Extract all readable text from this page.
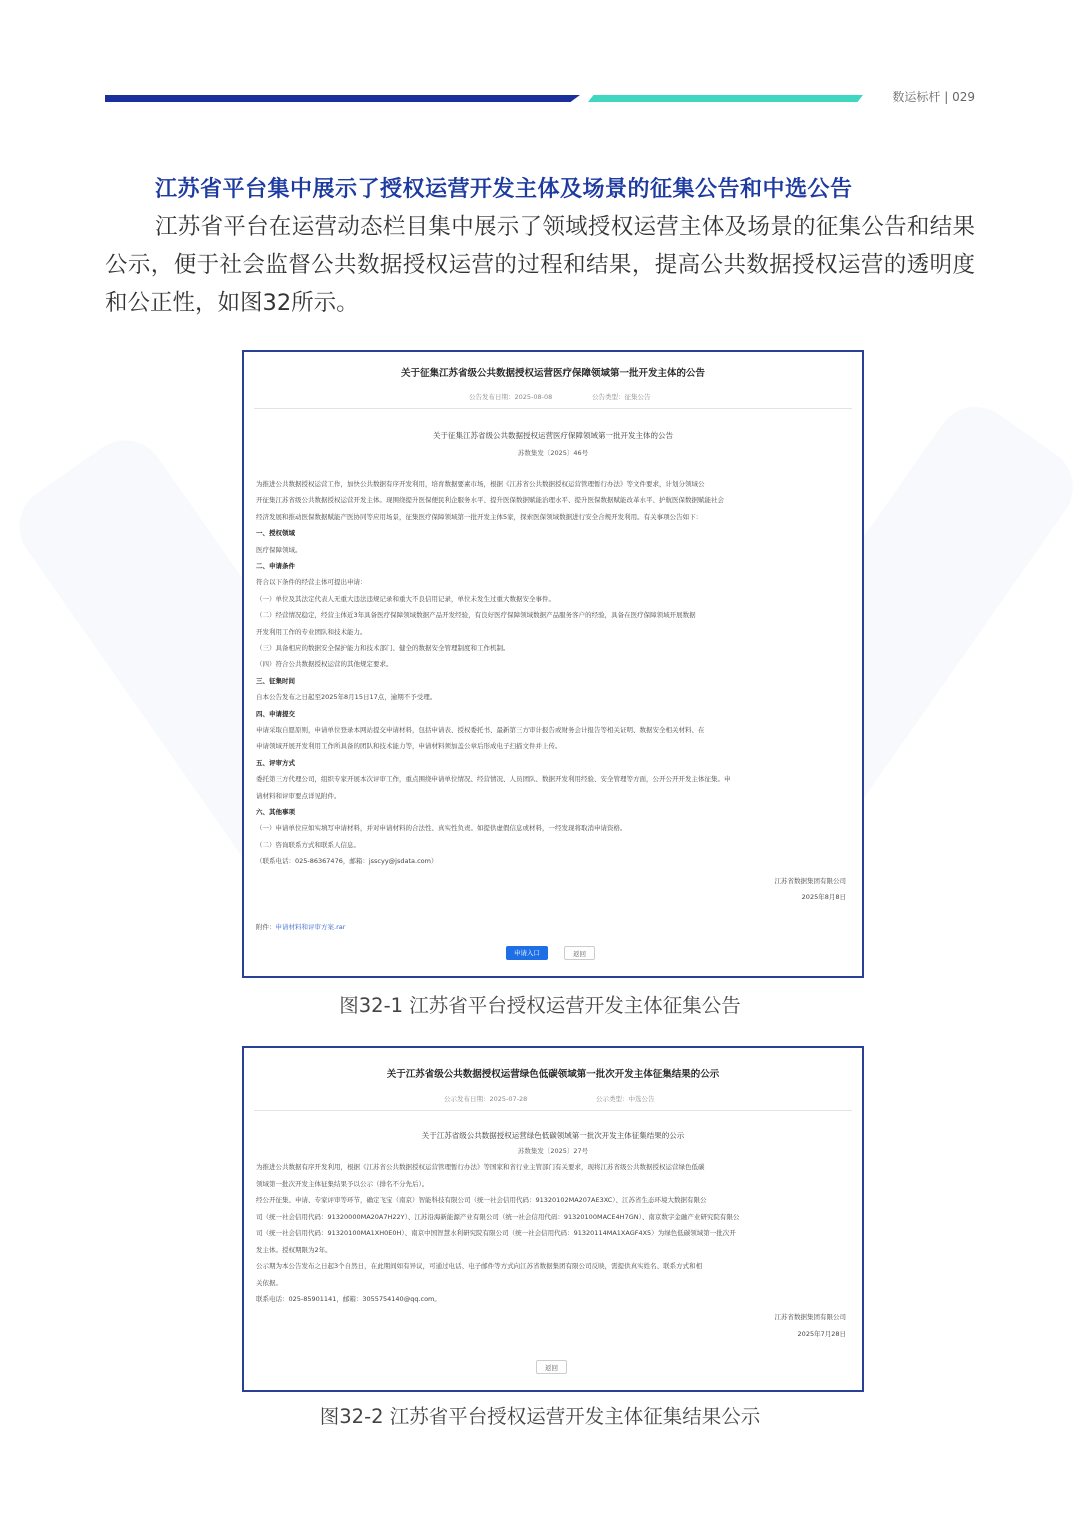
数运标杆 | 029
江苏省平台集中展示了授权运营开发主体及场景的征集公告和中选公告

江苏省平台在运营动态栏目集中展示了领域授权运营主体及场景的征集公告和结果公示，便于社会监督公共数据授权运营的过程和结果，提高公共数据授权运营的透明度和公正性，如图32所示。

关于征集江苏省级公共数据授权运营医疗保障领域第一批开发主体的公告
公告发布日期：2025-08-08	公告类型：征集公告
关于征集江苏省级公共数据授权运营医疗保障领域第一批开发主体的公告
苏数集发〔2025〕46号
为推进公共数据授权运营工作，加快公共数据有序开发利用，培育数据要素市场，根据《江苏省公共数据授权运营管理暂行办法》等文件要求，计划分领域公
开征集江苏省级公共数据授权运营开发主体。现围绕提升医保便民利企服务水平、提升医保数据赋能治理水平、提升医保数据赋能改革水平、护航医保数据赋能社会
经济发展和推动医保数据赋能产医协同等应用场景，征集医疗保障领域第一批开发主体5家，探索医保领域数据进行安全合规开发利用。有关事项公告如下：
一、授权领域
医疗保障领域。
二、申请条件
符合以下条件的经营主体可提出申请：
（一）单位及其法定代表人无重大违法违规记录和重大不良信用记录，单位未发生过重大数据安全事件。
（二）经营情况稳定，经营主体近3年具备医疗保障领域数据产品开发经验，有良好医疗保障领域数据产品服务客户的经验，具备在医疗保障领域开展数据
开发利用工作的专业团队和技术能力。
（三）具备相应的数据安全保护能力和技术部门、健全的数据安全管理制度和工作机制。
（四）符合公共数据授权运营的其他规定要求。
三、征集时间
自本公告发布之日起至2025年8月15日17点，逾期不予受理。
四、申请提交
申请采取自愿原则，申请单位登录本网站提交申请材料，包括申请表、授权委托书、最新第三方审计报告或财务会计报告等相关证明、数据安全相关材料、在
申请领域开展开发利用工作所具备的团队和技术能力等，申请材料须加盖公章后形成电子扫描文件并上传。
五、评审方式
委托第三方代理公司，组织专家开展本次评审工作，重点围绕申请单位情况、经营情况、人员团队、数据开发利用经验、安全管理等方面，公开公开开发主体征集。申
请材料和评审要点详见附件。
六、其他事项
（一）申请单位应如实填写申请材料，并对申请材料的合法性、真实性负责。如提供虚假信息或材料，一经发现将取消申请资格。
（二）咨询联系方式和联系人信息。
（联系电话：025-86367476，邮箱：jsscyy@jsdata.com）
江苏省数据集团有限公司
2025年8月8日
附件：申请材料和评审方案.rar
申请入口	返回
图32-1 江苏省平台授权运营开发主体征集公告
关于江苏省级公共数据授权运营绿色低碳领域第一批次开发主体征集结果的公示
公示发布日期：2025-07-28	公示类型：中选公告
关于江苏省级公共数据授权运营绿色低碳领域第一批次开发主体征集结果的公示
苏数集发〔2025〕27号
为推进公共数据有序开发利用，根据《江苏省公共数据授权运营管理暂行办法》等国家和省行业主管部门有关要求，现将江苏省级公共数据授权运营绿色低碳
领域第一批次开发主体征集结果予以公示（排名不分先后）。
经公开征集、申请、专家评审等环节，确定飞宝（南京）智能科技有限公司（统一社会信用代码：91320102MA207AE3XC）、江苏省生态环境大数据有限公
司（统一社会信用代码：91320000MA20A7H22Y）、江苏沿海新能源产业有限公司（统一社会信用代码：91320100MACE4H7GN）、南京数字金融产业研究院有限公
司（统一社会信用代码：91320100MA1XH0E0H）、南京中国智慧水利研究院有限公司（统一社会信用代码：91320114MA1XAGF4X5）为绿色低碳领域第一批次开
发主体。授权期限为2年。
公示期为本公告发布之日起3个自然日，在此期间如有异议，可通过电话、电子邮件等方式向江苏省数据集团有限公司反映，需提供真实姓名、联系方式和相
关依据。
联系电话：025-85901141，邮箱：3055754140@qq.com。
江苏省数据集团有限公司
2025年7月28日
返回
图32-2 江苏省平台授权运营开发主体征集结果公示
